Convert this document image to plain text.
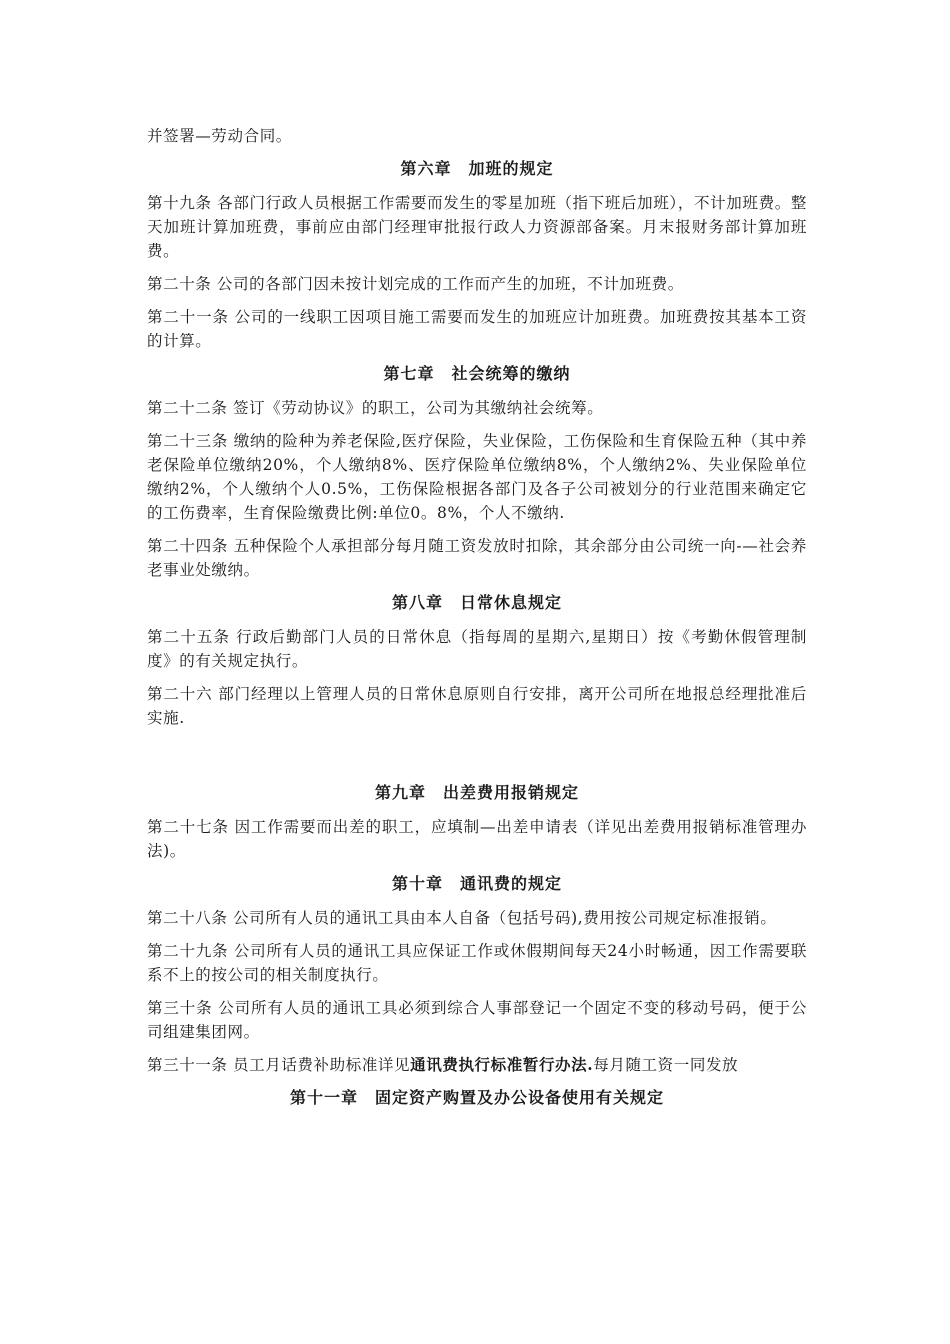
并签署—劳动合同。

第六章　加班的规定

第十九条 各部门行政人员根据工作需要而发生的零星加班（指下班后加班），不计加班费。整天加班计算加班费，事前应由部门经理审批报行政人力资源部备案。月末报财务部计算加班费。

第二十条 公司的各部门因未按计划完成的工作而产生的加班，不计加班费。

第二十一条 公司的一线职工因项目施工需要而发生的加班应计加班费。加班费按其基本工资的计算。

第七章　社会统筹的缴纳

第二十二条 签订《劳动协议》的职工，公司为其缴纳社会统筹。

第二十三条 缴纳的险种为养老保险,医疗保险，失业保险，工伤保险和生育保险五种（其中养老保险单位缴纳20%，个人缴纳8%、医疗保险单位缴纳8%，个人缴纳2%、失业保险单位缴纳2%，个人缴纳个人0.5%，工伤保险根据各部门及各子公司被划分的行业范围来确定它的工伤费率，生育保险缴费比例:单位0。8%，个人不缴纳.

第二十四条 五种保险个人承担部分每月随工资发放时扣除，其余部分由公司统一向-—社会养老事业处缴纳。

第八章　日常休息规定

第二十五条 行政后勤部门人员的日常休息（指每周的星期六,星期日）按《考勤休假管理制度》的有关规定执行。

第二十六 部门经理以上管理人员的日常休息原则自行安排，离开公司所在地报总经理批准后实施.

第九章　出差费用报销规定

第二十七条 因工作需要而出差的职工，应填制—出差申请表（详见出差费用报销标准管理办法)。

第十章　通讯费的规定

第二十八条 公司所有人员的通讯工具由本人自备（包括号码),费用按公司规定标准报销。

第二十九条 公司所有人员的通讯工具应保证工作或休假期间每天24小时畅通，因工作需要联系不上的按公司的相关制度执行。

第三十条 公司所有人员的通讯工具必须到综合人事部登记一个固定不变的移动号码，便于公司组建集团网。

第三十一条 员工月话费补助标准详见通讯费执行标准暂行办法.每月随工资一同发放

第十一章　固定资产购置及办公设备使用有关规定
